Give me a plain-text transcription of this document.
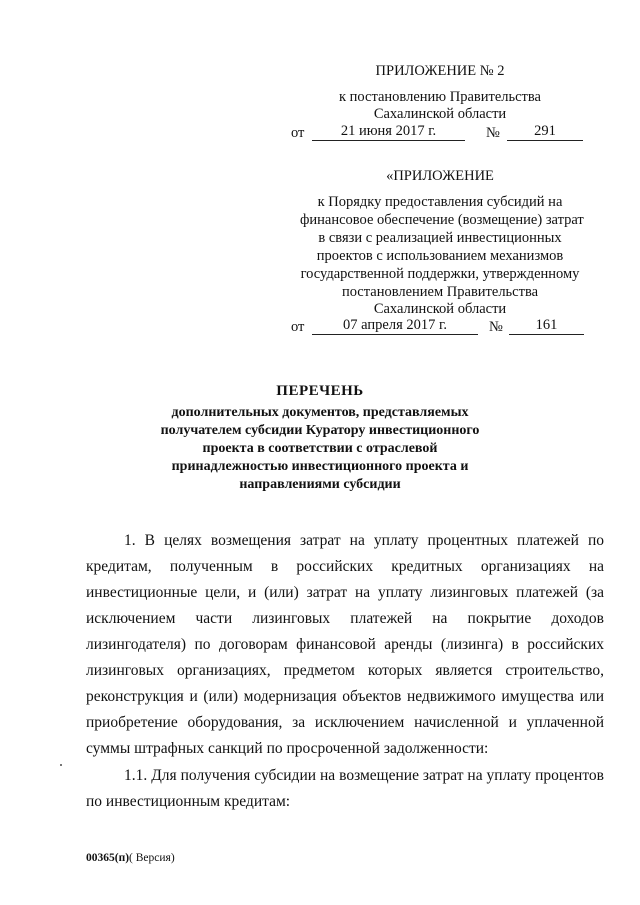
ПРИЛОЖЕНИЕ № 2
к постановлению Правительства
Сахалинской области
от	21 июня 2017 г.	№	291
«ПРИЛОЖЕНИЕ
к Порядку предоставления субсидий на
финансовое обеспечение (возмещение) затрат
в связи с реализацией инвестиционных
проектов с использованием механизмов
государственной поддержки, утвержденному
постановлением Правительства
Сахалинской области
от	07 апреля 2017 г.	№	161
ПЕРЕЧЕНЬ
дополнительных документов, представляемых
получателем субсидии Куратору инвестиционного
проекта в соответствии с отраслевой
принадлежностью инвестиционного проекта и
направлениями субсидии

1. В целях возмещения затрат на уплату процентных платежей по кредитам, полученным в российских кредитных организациях на инвестиционные цели, и (или) затрат на уплату лизинговых платежей (за исключением части лизинговых платежей на покрытие доходов лизингодателя) по договорам финансовой аренды (лизинга) в российских лизинговых организациях, предметом которых является строительство, реконструкция и (или) модернизация объектов недвижимого имущества или приобретение оборудования, за исключением начисленной и уплаченной суммы штрафных санкций по просроченной задолженности:

1.1. Для получения субсидии на возмещение затрат на уплату процентов по инвестиционным кредитам:

00365(п)( Версия)
